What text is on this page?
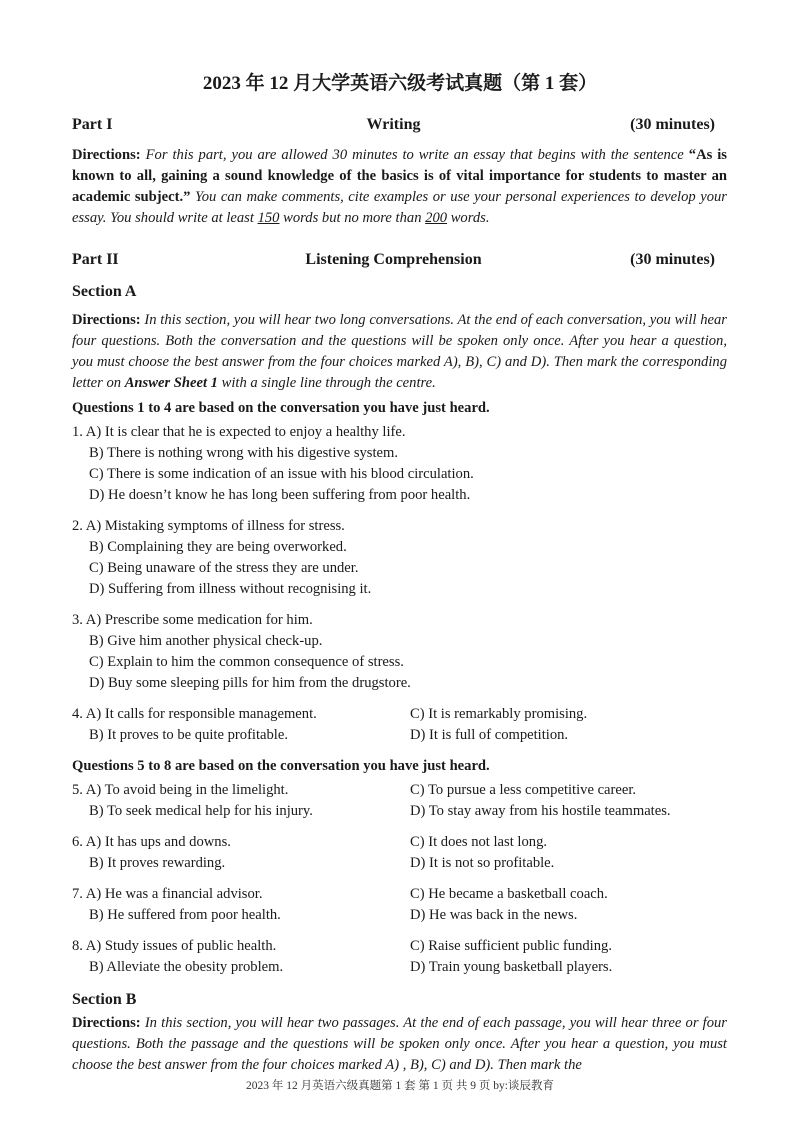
2023 年 12 月大学英语六级考试真题（第 1 套）
Part I	Writing	(30 minutes)
Directions: For this part, you are allowed 30 minutes to write an essay that begins with the sentence “As is known to all, gaining a sound knowledge of the basics is of vital importance for students to master an academic subject.” You can make comments, cite examples or use your personal experiences to develop your essay. You should write at least 150 words but no more than 200 words.
Part II	Listening Comprehension	(30 minutes)
Section A
Directions: In this section, you will hear two long conversations. At the end of each conversation, you will hear four questions. Both the conversation and the questions will be spoken only once. After you hear a question, you must choose the best answer from the four choices marked A), B), C) and D). Then mark the corresponding letter on Answer Sheet 1 with a single line through the centre.
Questions 1 to 4 are based on the conversation you have just heard.
1. A) It is clear that he is expected to enjoy a healthy life.
B) There is nothing wrong with his digestive system.
C) There is some indication of an issue with his blood circulation.
D) He doesn’t know he has long been suffering from poor health.
2. A) Mistaking symptoms of illness for stress.
B) Complaining they are being overworked.
C) Being unaware of the stress they are under.
D) Suffering from illness without recognising it.
3. A) Prescribe some medication for him.
B) Give him another physical check-up.
C) Explain to him the common consequence of stress.
D) Buy some sleeping pills for him from the drugstore.
4. A) It calls for responsible management.	C) It is remarkably promising.
B) It proves to be quite profitable.	D) It is full of competition.
Questions 5 to 8 are based on the conversation you have just heard.
5. A) To avoid being in the limelight.	C) To pursue a less competitive career.
B) To seek medical help for his injury.	D) To stay away from his hostile teammates.
6. A) It has ups and downs.	C) It does not last long.
B) It proves rewarding.	D) It is not so profitable.
7. A) He was a financial advisor.	C) He became a basketball coach.
B) He suffered from poor health.	D) He was back in the news.
8. A) Study issues of public health.	C) Raise sufficient public funding.
B) Alleviate the obesity problem.	D) Train young basketball players.
Section B
Directions: In this section, you will hear two passages. At the end of each passage, you will hear three or four questions. Both the passage and the questions will be spoken only once. After you hear a question, you must choose the best answer from the four choices marked A) , B), C) and D). Then mark the
2023 年 12 月英语六级真题第 1 套 第 1 页 共 9 页 by:谈辰教育
